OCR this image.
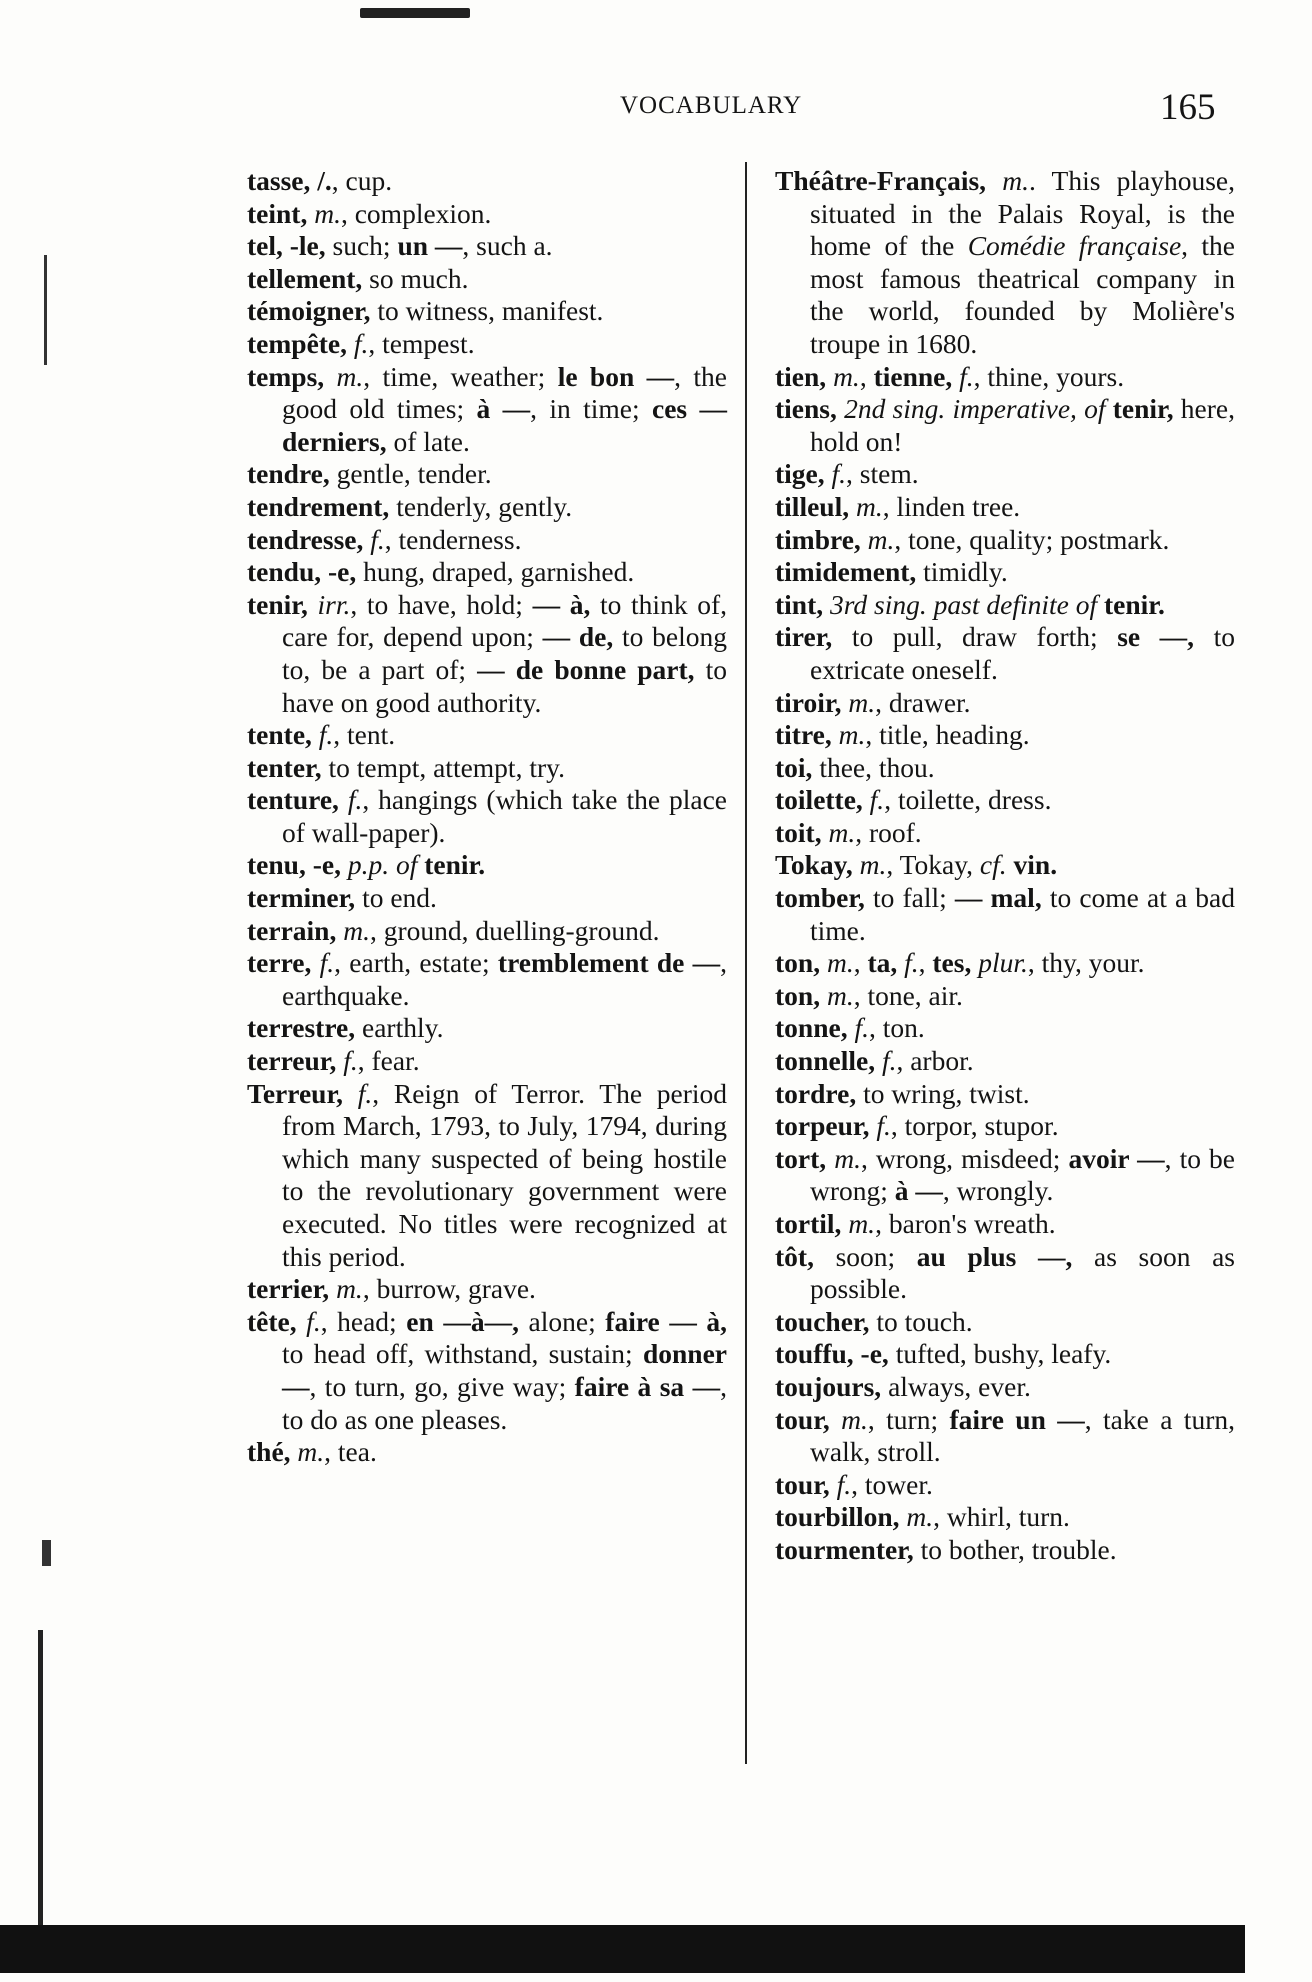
VOCABULARY	165

tasse, /., cup.

teint, m., complexion.

tel, -le, such; un —, such a.

tellement, so much.

témoigner, to witness, manifest.

tempête, f., tempest.

temps, m., time, weather; le bon —, the good old times; à —, in time; ces — derniers, of late.

tendre, gentle, tender.

tendrement, tenderly, gently.

tendresse, f., tenderness.

tendu, -e, hung, draped, garnished.

tenir, irr., to have, hold; — à, to think of, care for, depend upon; — de, to belong to, be a part of; — de bonne part, to have on good authority.

tente, f., tent.

tenter, to tempt, attempt, try.

tenture, f., hangings (which take the place of wall-paper).

tenu, -e, p.p. of tenir.

terminer, to end.

terrain, m., ground, duelling-ground.

terre, f., earth, estate; tremblement de —, earthquake.

terrestre, earthly.

terreur, f., fear.

Terreur, f., Reign of Terror. The period from March, 1793, to July, 1794, during which many suspected of being hostile to the revolutionary government were executed. No titles were recognized at this period.

terrier, m., burrow, grave.

tête, f., head; en —à—, alone; faire — à, to head off, withstand, sustain; donner —, to turn, go, give way; faire à sa —, to do as one pleases.

thé, m., tea.

Théâtre-Français, m.. This playhouse, situated in the Palais Royal, is the home of the Comédie française, the most famous theatrical company in the world, founded by Molière's troupe in 1680.

tien, m., tienne, f., thine, yours.

tiens, 2nd sing. imperative, of tenir, here, hold on!

tige, f., stem.

tilleul, m., linden tree.

timbre, m., tone, quality; postmark.

timidement, timidly.

tint, 3rd sing. past definite of tenir.

tirer, to pull, draw forth; se —, to extricate oneself.

tiroir, m., drawer.

titre, m., title, heading.

toi, thee, thou.

toilette, f., toilette, dress.

toit, m., roof.

Tokay, m., Tokay, cf. vin.

tomber, to fall; — mal, to come at a bad time.

ton, m., ta, f., tes, plur., thy, your.

ton, m., tone, air.

tonne, f., ton.

tonnelle, f., arbor.

tordre, to wring, twist.

torpeur, f., torpor, stupor.

tort, m., wrong, misdeed; avoir —, to be wrong; à —, wrongly.

tortil, m., baron's wreath.

tôt, soon; au plus —, as soon as possible.

toucher, to touch.

touffu, -e, tufted, bushy, leafy.

toujours, always, ever.

tour, m., turn; faire un —, take a turn, walk, stroll.

tour, f., tower.

tourbillon, m., whirl, turn.

tourmenter, to bother, trouble.
